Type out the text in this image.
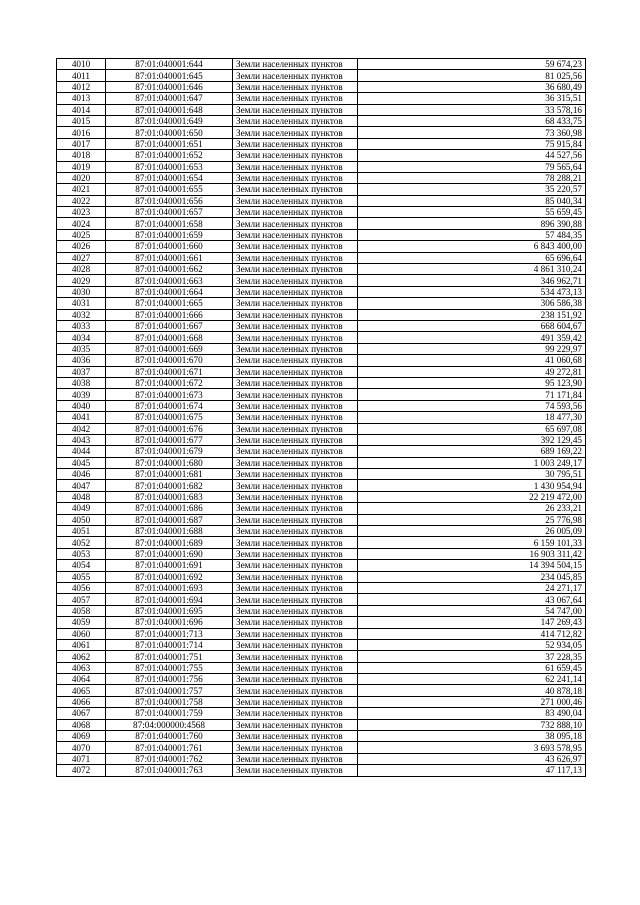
4010	87:01:040001:644	Земли населенных пунктов	59 674,23
4011	87:01:040001:645	Земли населенных пунктов	81 025,56
4012	87:01:040001:646	Земли населенных пунктов	36 680,49
4013	87:01:040001:647	Земли населенных пунктов	36 315,51
4014	87:01:040001:648	Земли населенных пунктов	33 578,16
4015	87:01:040001:649	Земли населенных пунктов	68 433,75
4016	87:01:040001:650	Земли населенных пунктов	73 360,98
4017	87:01:040001:651	Земли населенных пунктов	75 915,84
4018	87:01:040001:652	Земли населенных пунктов	44 527,56
4019	87:01:040001:653	Земли населенных пунктов	79 565,64
4020	87:01:040001:654	Земли населенных пунктов	78 288,21
4021	87:01:040001:655	Земли населенных пунктов	35 220,57
4022	87:01:040001:656	Земли населенных пунктов	85 040,34
4023	87:01:040001:657	Земли населенных пунктов	55 659,45
4024	87:01:040001:658	Земли населенных пунктов	896 390,88
4025	87:01:040001:659	Земли населенных пунктов	57 484,35
4026	87:01:040001:660	Земли населенных пунктов	6 843 400,00
4027	87:01:040001:661	Земли населенных пунктов	65 696,64
4028	87:01:040001:662	Земли населенных пунктов	4 861 310,24
4029	87:01:040001:663	Земли населенных пунктов	346 962,71
4030	87:01:040001:664	Земли населенных пунктов	534 473,13
4031	87:01:040001:665	Земли населенных пунктов	306 586,38
4032	87:01:040001:666	Земли населенных пунктов	238 151,92
4033	87:01:040001:667	Земли населенных пунктов	668 604,67
4034	87:01:040001:668	Земли населенных пунктов	491 359,42
4035	87:01:040001:669	Земли населенных пунктов	99 229,97
4036	87:01:040001:670	Земли населенных пунктов	41 060,68
4037	87:01:040001:671	Земли населенных пунктов	49 272,81
4038	87:01:040001:672	Земли населенных пунктов	95 123,90
4039	87:01:040001:673	Земли населенных пунктов	71 171,84
4040	87:01:040001:674	Земли населенных пунктов	74 593,56
4041	87:01:040001:675	Земли населенных пунктов	18 477,30
4042	87:01:040001:676	Земли населенных пунктов	65 697,08
4043	87:01:040001:677	Земли населенных пунктов	392 129,45
4044	87:01:040001:679	Земли населенных пунктов	689 169,22
4045	87:01:040001:680	Земли населенных пунктов	1 003 249,17
4046	87:01:040001:681	Земли населенных пунктов	30 795,51
4047	87:01:040001:682	Земли населенных пунктов	1 430 954,94
4048	87:01:040001:683	Земли населенных пунктов	22 219 472,00
4049	87:01:040001:686	Земли населенных пунктов	26 233,21
4050	87:01:040001:687	Земли населенных пунктов	25 776,98
4051	87:01:040001:688	Земли населенных пунктов	26 005,09
4052	87:01:040001:689	Земли населенных пунктов	6 159 101,33
4053	87:01:040001:690	Земли населенных пунктов	16 903 311,42
4054	87:01:040001:691	Земли населенных пунктов	14 394 504,15
4055	87:01:040001:692	Земли населенных пунктов	234 045,85
4056	87:01:040001:693	Земли населенных пунктов	24 271,17
4057	87:01:040001:694	Земли населенных пунктов	43 067,64
4058	87:01:040001:695	Земли населенных пунктов	54 747,00
4059	87:01:040001:696	Земли населенных пунктов	147 269,43
4060	87:01:040001:713	Земли населенных пунктов	414 712,82
4061	87:01:040001:714	Земли населенных пунктов	52 934,05
4062	87:01:040001:751	Земли населенных пунктов	37 228,35
4063	87:01:040001:755	Земли населенных пунктов	61 659,45
4064	87:01:040001:756	Земли населенных пунктов	62 241,14
4065	87:01:040001:757	Земли населенных пунктов	40 878,18
4066	87:01:040001:758	Земли населенных пунктов	271 000,46
4067	87:01:040001:759	Земли населенных пунктов	83 490,04
4068	87:04:000000:4568	Земли населенных пунктов	732 888,10
4069	87:01:040001:760	Земли населенных пунктов	38 095,18
4070	87:01:040001:761	Земли населенных пунктов	3 693 578,95
4071	87:01:040001:762	Земли населенных пунктов	43 626,97
4072	87:01:040001:763	Земли населенных пунктов	47 117,13
